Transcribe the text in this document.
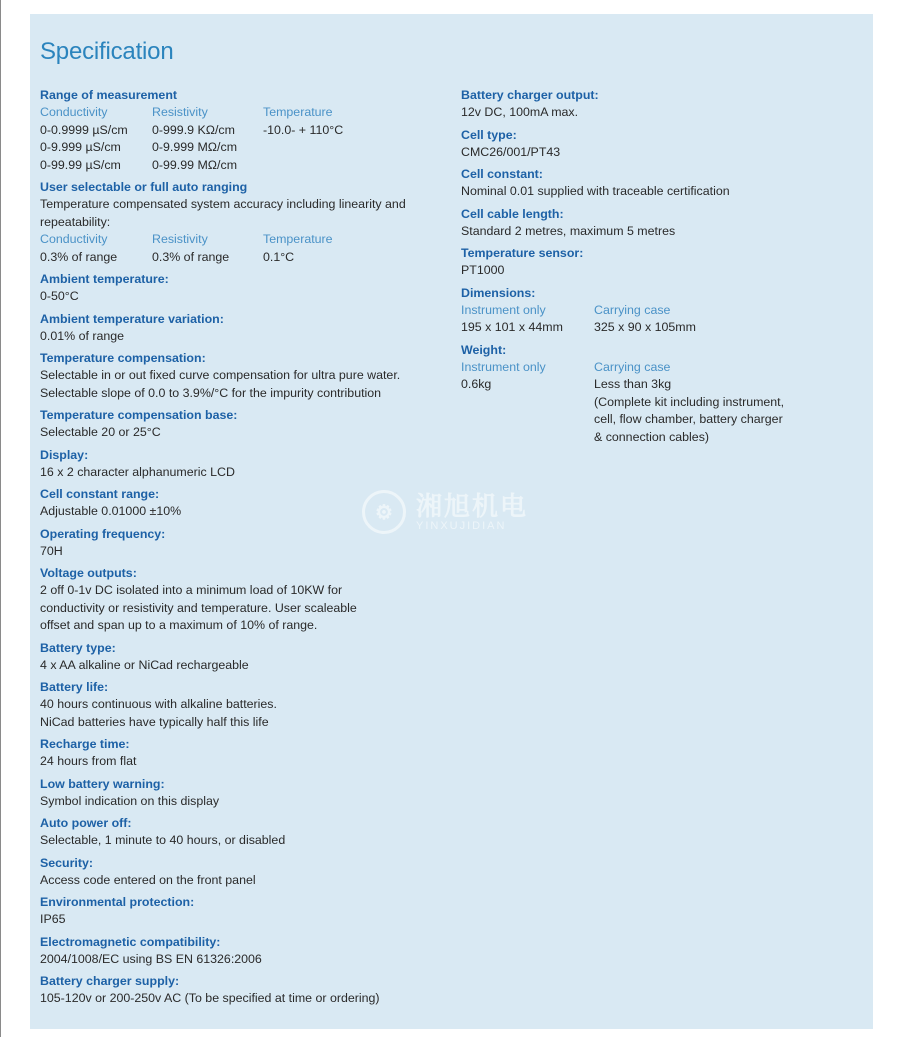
Specification
⚙ 湘旭机电
YINXUJIDIAN
Range of measurement
Conductivity	Resistivity	Temperature
0-0.9999 µS/cm	0-999.9 KΩ/cm	-10.0- + 110°C
0-9.999 µS/cm	0-9.999 MΩ/cm
0-99.99 µS/cm	0-99.99 MΩ/cm
User selectable or full auto ranging
Temperature compensated system accuracy including linearity and
repeatability:
Conductivity	Resistivity	Temperature
0.3% of range	0.3% of range	0.1°C
Ambient temperature:
0-50°C
Ambient temperature variation:
0.01% of range
Temperature compensation:
Selectable in or out fixed curve compensation for ultra pure water.
Selectable slope of 0.0 to 3.9%/°C for the impurity contribution
Temperature compensation base:
Selectable 20 or 25°C
Display:
16 x 2 character alphanumeric LCD
Cell constant range:
Adjustable 0.01000 ±10%
Operating frequency:
70H
Voltage outputs:
2 off 0-1v DC isolated into a minimum load of 10KW for
conductivity or resistivity and temperature. User scaleable
offset and span up to a maximum of 10% of range.
Battery type:
4 x AA alkaline or NiCad rechargeable
Battery life:
40 hours continuous with alkaline batteries.
NiCad batteries have typically half this life
Recharge time:
24 hours from flat
Low battery warning:
Symbol indication on this display
Auto power off:
Selectable, 1 minute to 40 hours, or disabled
Security:
Access code entered on the front panel
Environmental protection:
IP65
Electromagnetic compatibility:
2004/1008/EC using BS EN 61326:2006
Battery charger supply:
105-120v or 200-250v AC (To be specified at time or ordering)
Battery charger output:
12v DC, 100mA max.
Cell type:
CMC26/001/PT43
Cell constant:
Nominal 0.01 supplied with traceable certification
Cell cable length:
Standard 2 metres, maximum 5 metres
Temperature sensor:
PT1000
Dimensions:
Instrument only	Carrying case
195 x 101 x 44mm	325 x 90 x 105mm
Weight:
Instrument only	Carrying case
0.6kg	Less than 3kg
(Complete kit including instrument,
cell, flow chamber, battery charger
& connection cables)
